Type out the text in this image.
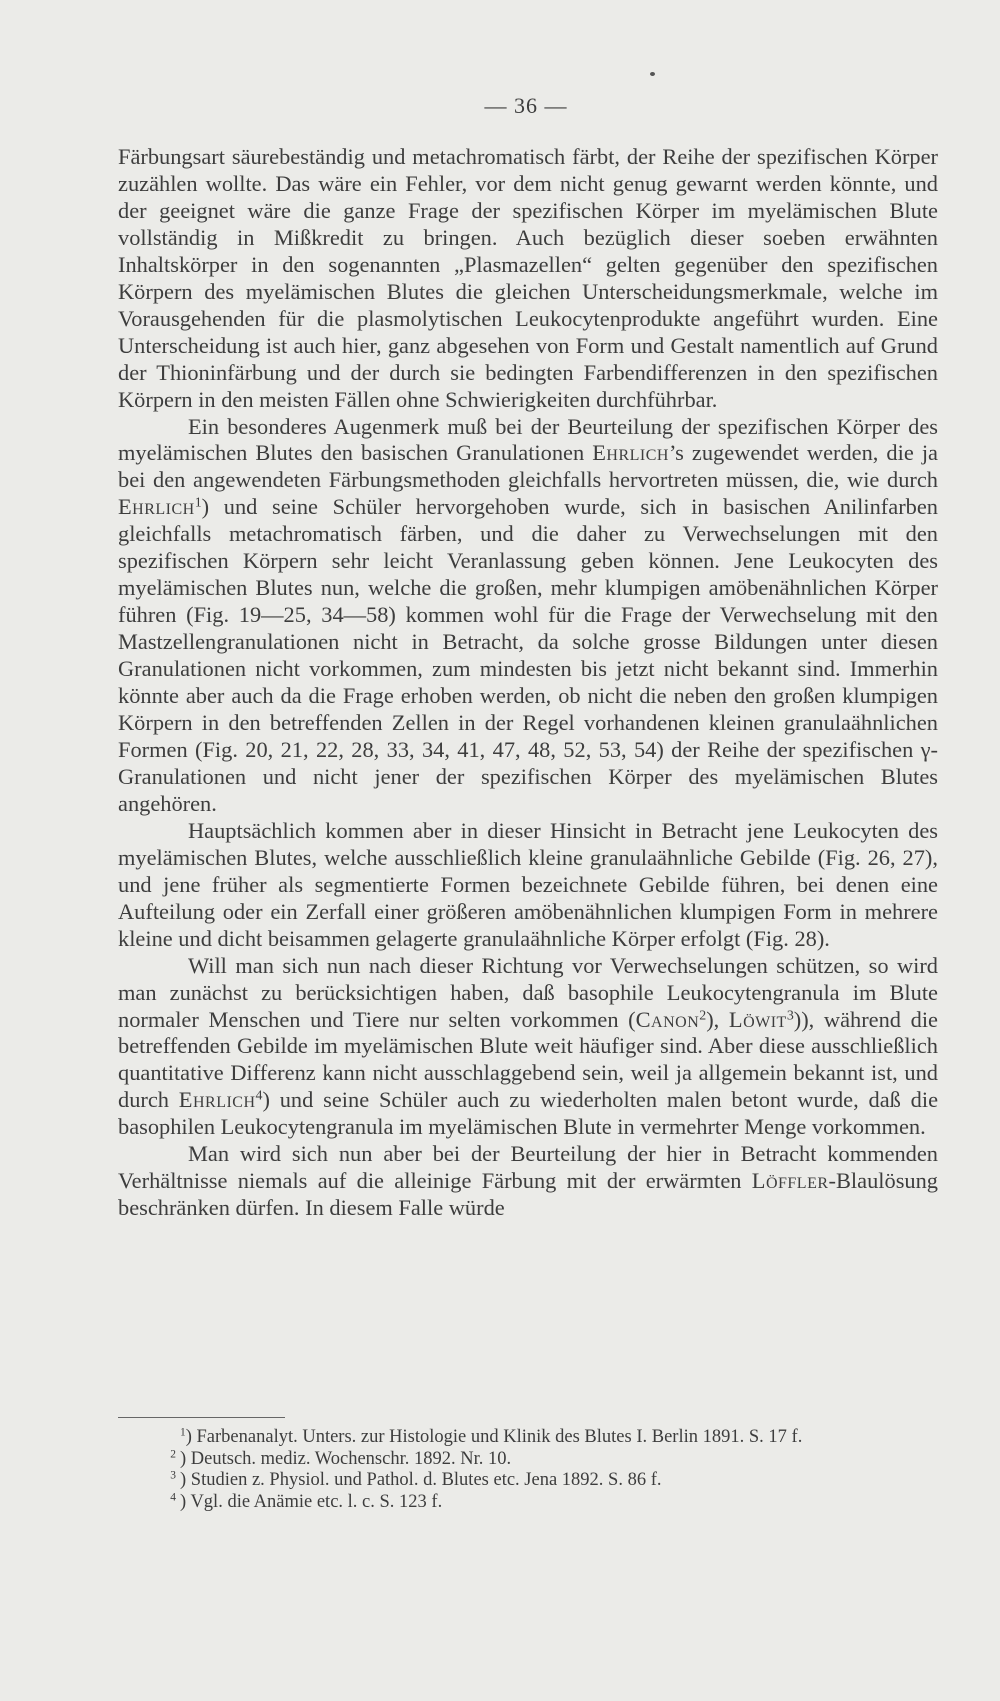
— 36 —

Färbungsart säurebeständig und metachromatisch färbt, der Reihe der spezifischen Körper zuzählen wollte. Das wäre ein Fehler, vor dem nicht genug gewarnt werden könnte, und der geeignet wäre die ganze Frage der spezifischen Körper im myelämischen Blute vollständig in Mißkredit zu bringen. Auch bezüglich dieser soeben erwähnten Inhaltskörper in den sogenannten „Plasmazellen“ gelten gegenüber den spezifischen Körpern des myelämischen Blutes die gleichen Unterscheidungsmerkmale, welche im Vorausgehenden für die plasmolytischen Leukocytenprodukte angeführt wurden. Eine Unterscheidung ist auch hier, ganz abgesehen von Form und Gestalt namentlich auf Grund der Thioninfärbung und der durch sie bedingten Farbendifferenzen in den spezifischen Körpern in den meisten Fällen ohne Schwierigkeiten durchführbar.

Ein besonderes Augenmerk muß bei der Beurteilung der spezifischen Körper des myelämischen Blutes den basischen Granulationen Ehrlich’s zugewendet werden, die ja bei den angewendeten Färbungsmethoden gleichfalls hervortreten müssen, die, wie durch Ehrlich$^1$) und seine Schüler hervorgehoben wurde, sich in basischen Anilinfarben gleichfalls metachromatisch färben, und die daher zu Verwechselungen mit den spezifischen Körpern sehr leicht Veranlassung geben können. Jene Leukocyten des myelämischen Blutes nun, welche die großen, mehr klumpigen amöbenähnlichen Körper führen (Fig. 19—25, 34—58) kommen wohl für die Frage der Verwechselung mit den Mastzellengranulationen nicht in Betracht, da solche grosse Bildungen unter diesen Granulationen nicht vorkommen, zum mindesten bis jetzt nicht bekannt sind. Immerhin könnte aber auch da die Frage erhoben werden, ob nicht die neben den großen klumpigen Körpern in den betreffenden Zellen in der Regel vorhandenen kleinen granulaähnlichen Formen (Fig. 20, 21, 22, 28, 33, 34, 41, 47, 48, 52, 53, 54) der Reihe der spezifischen γ-Granulationen und nicht jener der spezifischen Körper des myelämischen Blutes angehören.

Hauptsächlich kommen aber in dieser Hinsicht in Betracht jene Leukocyten des myelämischen Blutes, welche ausschließlich kleine granulaähnliche Gebilde (Fig. 26, 27), und jene früher als segmentierte Formen bezeichnete Gebilde führen, bei denen eine Aufteilung oder ein Zerfall einer größeren amöbenähnlichen klumpigen Form in mehrere kleine und dicht beisammen gelagerte granulaähnliche Körper erfolgt (Fig. 28).

Will man sich nun nach dieser Richtung vor Verwechselungen schützen, so wird man zunächst zu berücksichtigen haben, daß basophile Leukocytengranula im Blute normaler Menschen und Tiere nur selten vorkommen (Canon$^2$), Löwit$^3$)), während die betreffenden Gebilde im myelämischen Blute weit häufiger sind. Aber diese ausschließlich quantitative Differenz kann nicht ausschlaggebend sein, weil ja allgemein bekannt ist, und durch Ehrlich$^4$) und seine Schüler auch zu wiederholten malen betont wurde, daß die basophilen Leukocytengranula im myelämischen Blute in vermehrter Menge vorkommen.

Man wird sich nun aber bei der Beurteilung der hier in Betracht kommenden Verhältnisse niemals auf die alleinige Färbung mit der erwärmten Löffler-Blaulösung beschränken dürfen. In diesem Falle würde

$^1$) Farbenanalyt. Unters. zur Histologie und Klinik des Blutes I. Berlin 1891. S. 17 f.

$^2$ ) Deutsch. mediz. Wochenschr. 1892. Nr. 10.

$^3$ ) Studien z. Physiol. und Pathol. d. Blutes etc. Jena 1892. S. 86 f.

$^4$ ) Vgl. die Anämie etc. l. c. S. 123 f.
